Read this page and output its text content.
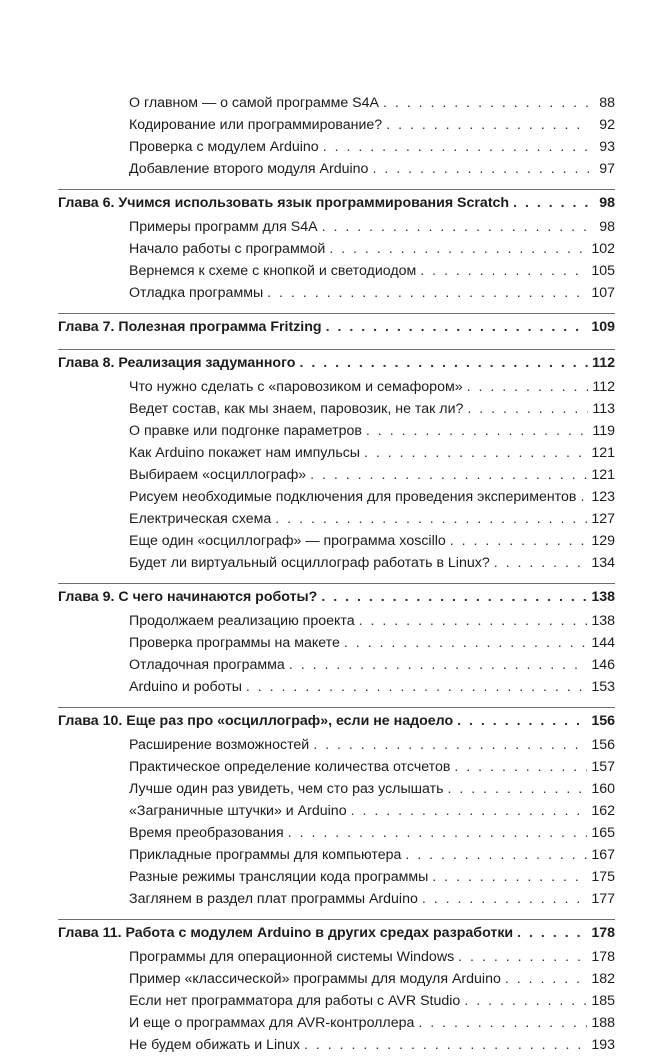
О главном — о самой программе S4A . . .	88
Кодирование или программирование? . . .	92
Проверка с модулем Arduino . . .	93
Добавление второго модуля Arduino . . .	97
Глава 6. Учимся использовать язык программирования Scratch . . .	98
Примеры программ для S4A . . .	98
Начало работы с программой . . .	102
Вернемся к схеме с кнопкой и светодиодом . . .	105
Отладка программы . . .	107
Глава 7. Полезная программа Fritzing . . .	109
Глава 8. Реализация задуманного . . .	112
Что нужно сделать с «паровозиком и семафором» . . .	112
Ведет состав, как мы знаем, паровозик, не так ли? . . .	113
О правке или подгонке параметров . . .	119
Как Arduino покажет нам импульсы . . .	121
Выбираем «осциллограф» . . .	121
Рисуем необходимые подключения для проведения экспериментов . . . 123
Електрическая схема . . .	127
Еще один «осциллограф» — программа xoscillo . . .	129
Будет ли виртуальный осциллограф работать в Linux? . . .	134
Глава 9. С чего начинаются роботы? . . .	138
Продолжаем реализацию проекта . . .	138
Проверка программы на макете . . .	144
Отладочная программа . . .	146
Arduino и роботы . . .	153
Глава 10. Еще раз про «осциллограф», если не надоело . . .	156
Расширение возможностей . . .	156
Практическое определение количества отсчетов . . .	157
Лучше один раз увидеть, чем сто раз услышать . . .	160
«Заграничные штучки» и Arduino . . .	162
Время преобразования . . .	165
Прикладные программы для компьютера . . .	167
Разные режимы трансляции кода программы . . .	175
Заглянем в раздел плат программы Arduino . . .	177
Глава 11. Работа с модулем Arduino в других средах разработки . . .	178
Программы для операционной системы Windows . . .	178
Пример «классической» программы для модуля Arduino . . .	182
Если нет программатора для работы с AVR Studio . . .	185
И еще о программах для AVR-контроллера . . .	188
Не будем обижать и Linux . . .	193
